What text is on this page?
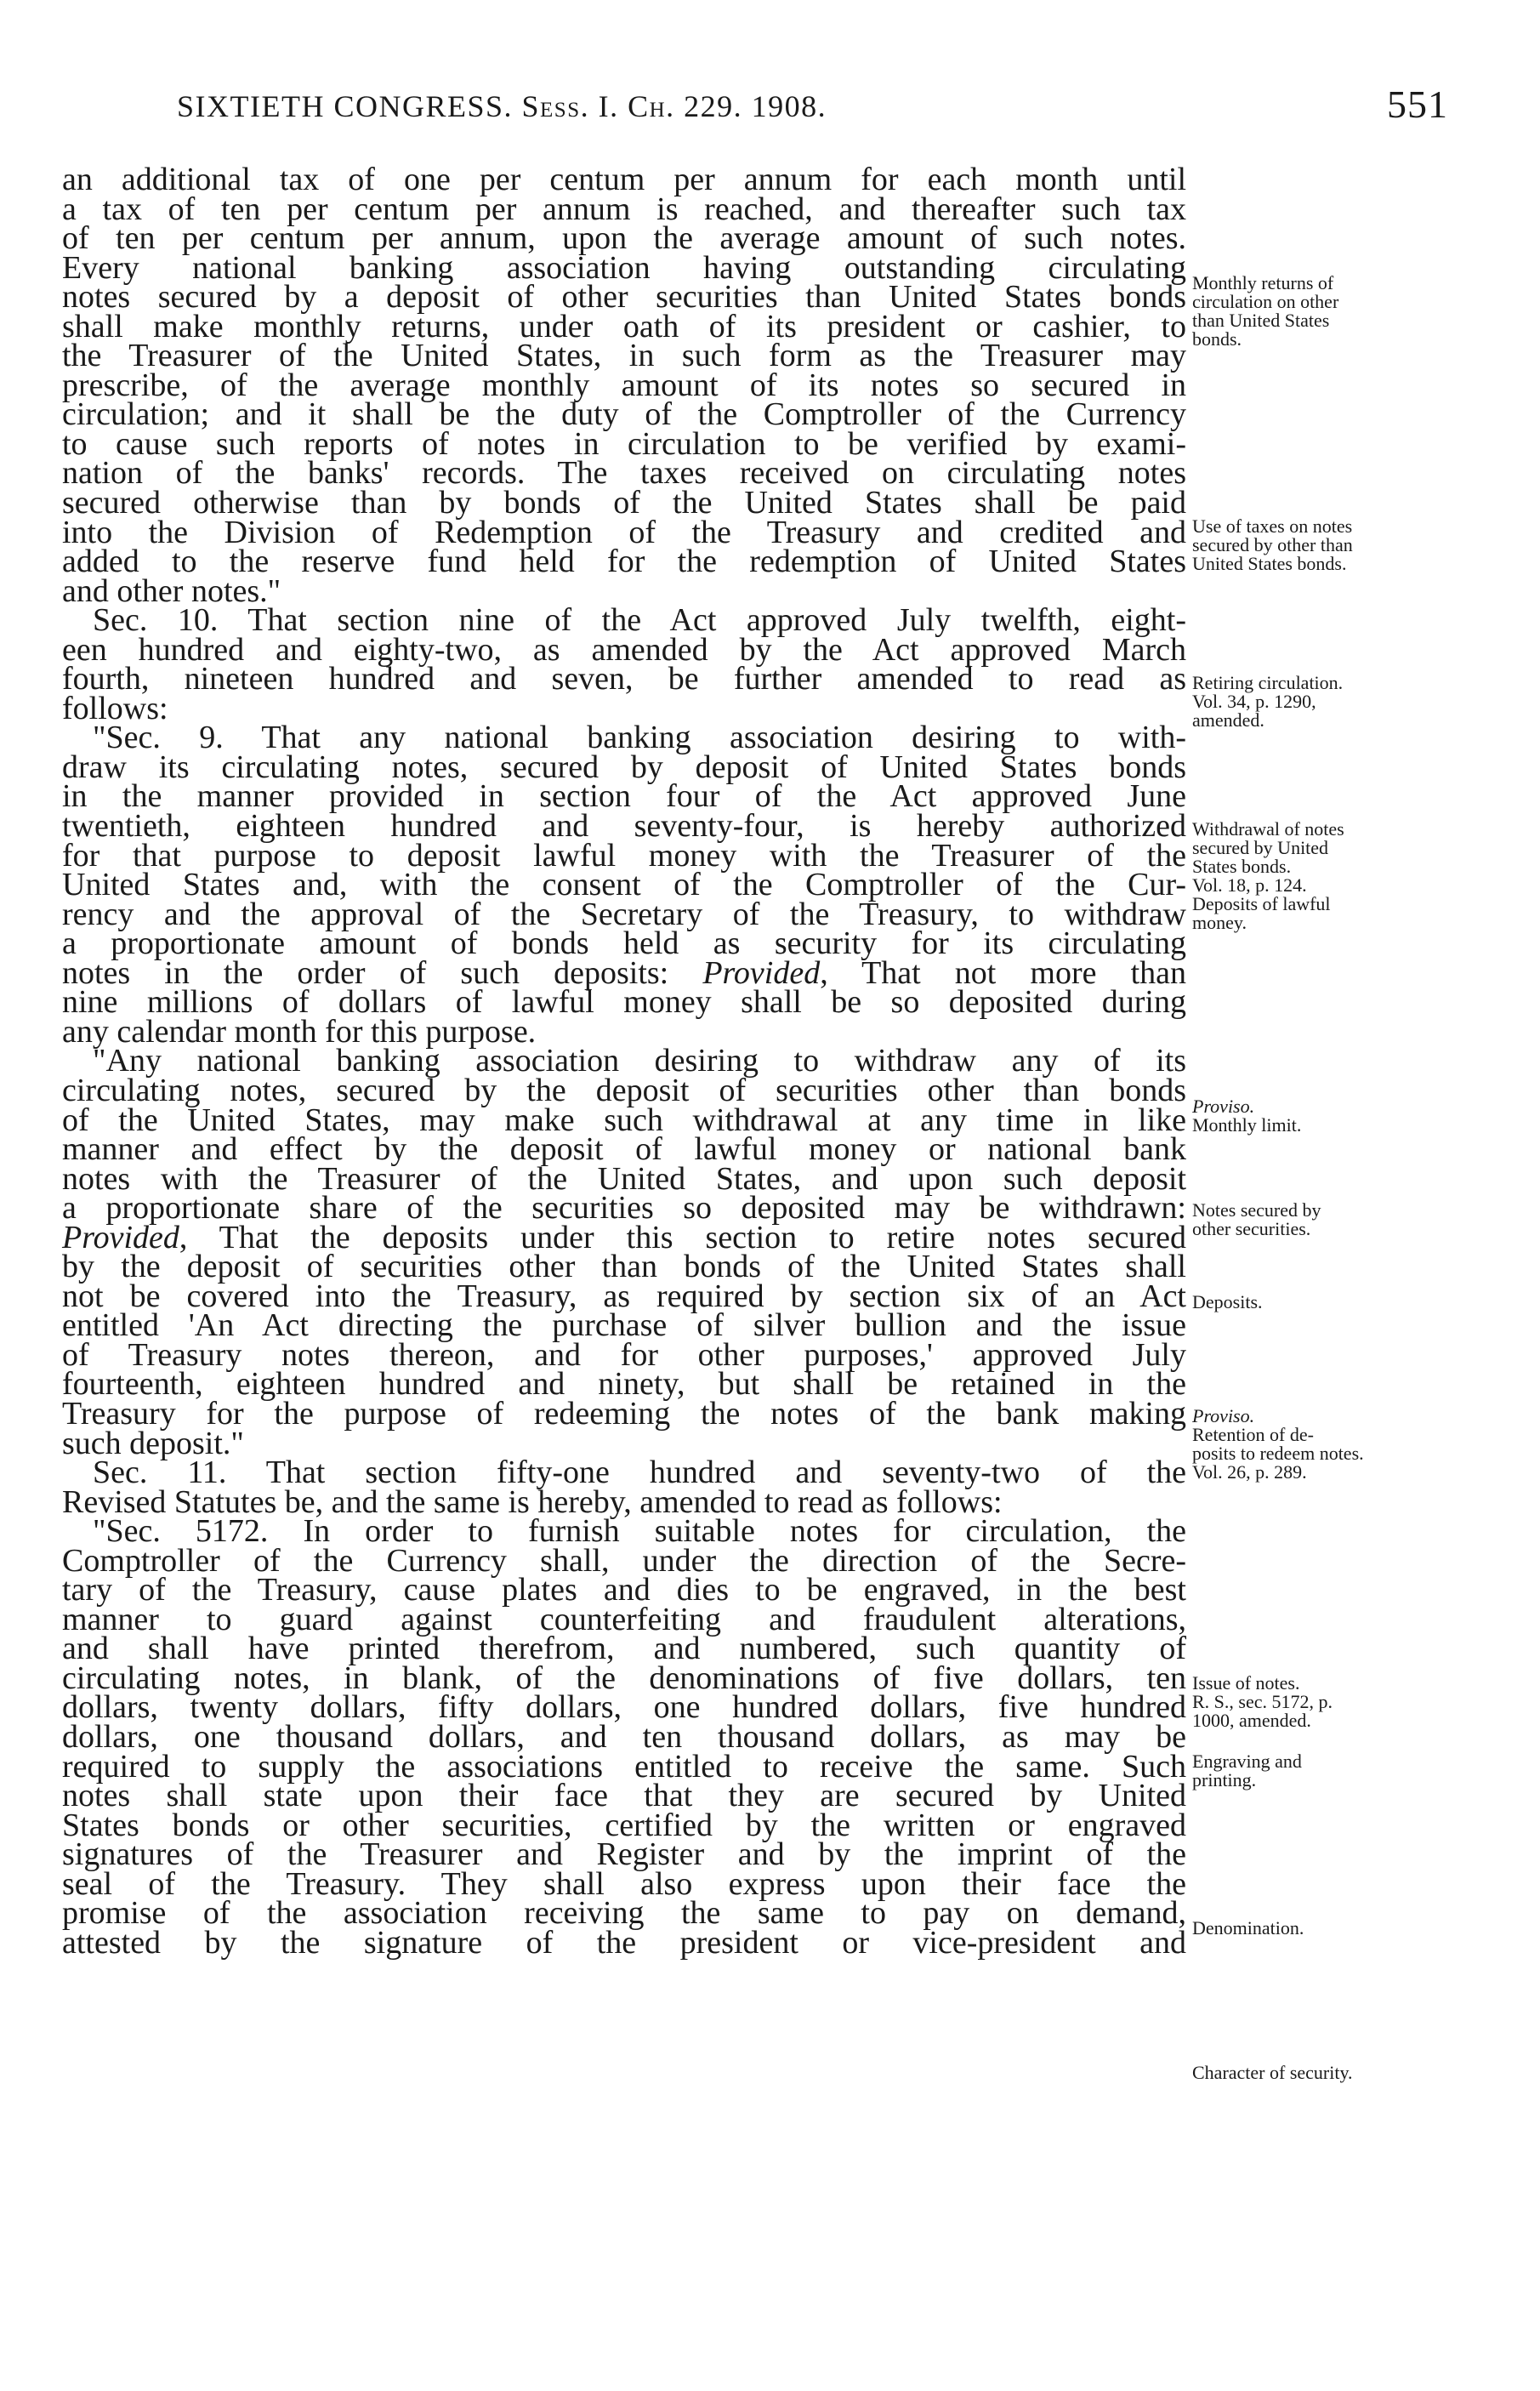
SIXTIETH CONGRESS. Sess. I. Ch. 229. 1908.	551
an additional tax of one per centum per annum for each month until
a tax of ten per centum per annum is reached, and thereafter such tax
of ten per centum per annum, upon the average amount of such notes.
Every national banking association having outstanding circulating
notes secured by a deposit of other securities than United States bonds
shall make monthly returns, under oath of its president or cashier, to
the Treasurer of the United States, in such form as the Treasurer may
prescribe, of the average monthly amount of its notes so secured in
circulation; and it shall be the duty of the Comptroller of the Currency
to cause such reports of notes in circulation to be verified by exami-
nation of the banks' records. The taxes received on circulating notes
secured otherwise than by bonds of the United States shall be paid
into the Division of Redemption of the Treasury and credited and
added to the reserve fund held for the redemption of United States
and other notes."
Sec. 10. That section nine of the Act approved July twelfth, eight-
een hundred and eighty-two, as amended by the Act approved March
fourth, nineteen hundred and seven, be further amended to read as
follows:
"Sec. 9. That any national banking association desiring to with-
draw its circulating notes, secured by deposit of United States bonds
in the manner provided in section four of the Act approved June
twentieth, eighteen hundred and seventy-four, is hereby authorized
for that purpose to deposit lawful money with the Treasurer of the
United States and, with the consent of the Comptroller of the Cur-
rency and the approval of the Secretary of the Treasury, to withdraw
a proportionate amount of bonds held as security for its circulating
notes in the order of such deposits: Provided, That not more than
nine millions of dollars of lawful money shall be so deposited during
any calendar month for this purpose.
"Any national banking association desiring to withdraw any of its
circulating notes, secured by the deposit of securities other than bonds
of the United States, may make such withdrawal at any time in like
manner and effect by the deposit of lawful money or national bank
notes with the Treasurer of the United States, and upon such deposit
a proportionate share of the securities so deposited may be withdrawn:
Provided, That the deposits under this section to retire notes secured
by the deposit of securities other than bonds of the United States shall
not be covered into the Treasury, as required by section six of an Act
entitled 'An Act directing the purchase of silver bullion and the issue
of Treasury notes thereon, and for other purposes,' approved July
fourteenth, eighteen hundred and ninety, but shall be retained in the
Treasury for the purpose of redeeming the notes of the bank making
such deposit."
Sec. 11. That section fifty-one hundred and seventy-two of the
Revised Statutes be, and the same is hereby, amended to read as follows:
"Sec. 5172. In order to furnish suitable notes for circulation, the
Comptroller of the Currency shall, under the direction of the Secre-
tary of the Treasury, cause plates and dies to be engraved, in the best
manner to guard against counterfeiting and fraudulent alterations,
and shall have printed therefrom, and numbered, such quantity of
circulating notes, in blank, of the denominations of five dollars, ten
dollars, twenty dollars, fifty dollars, one hundred dollars, five hundred
dollars, one thousand dollars, and ten thousand dollars, as may be
required to supply the associations entitled to receive the same. Such
notes shall state upon their face that they are secured by United
States bonds or other securities, certified by the written or engraved
signatures of the Treasurer and Register and by the imprint of the
seal of the Treasury. They shall also express upon their face the
promise of the association receiving the same to pay on demand,
attested by the signature of the president or vice-president and
Monthly returns of
circulation on other
than United States
bonds.
Use of taxes on notes
secured by other than
United States bonds.
Retiring circulation.
Vol. 34, p. 1290,
amended.
Withdrawal of notes
secured by United
States bonds.
Vol. 18, p. 124.
Deposits of lawful
money.
Proviso.
Monthly limit.
Notes secured by
other securities.
Deposits.
Proviso.
Retention of de-
posits to redeem notes.
Vol. 26, p. 289.
Issue of notes.
R. S., sec. 5172, p.
1000, amended.
Engraving and
printing.
Denomination.
Character of security.
